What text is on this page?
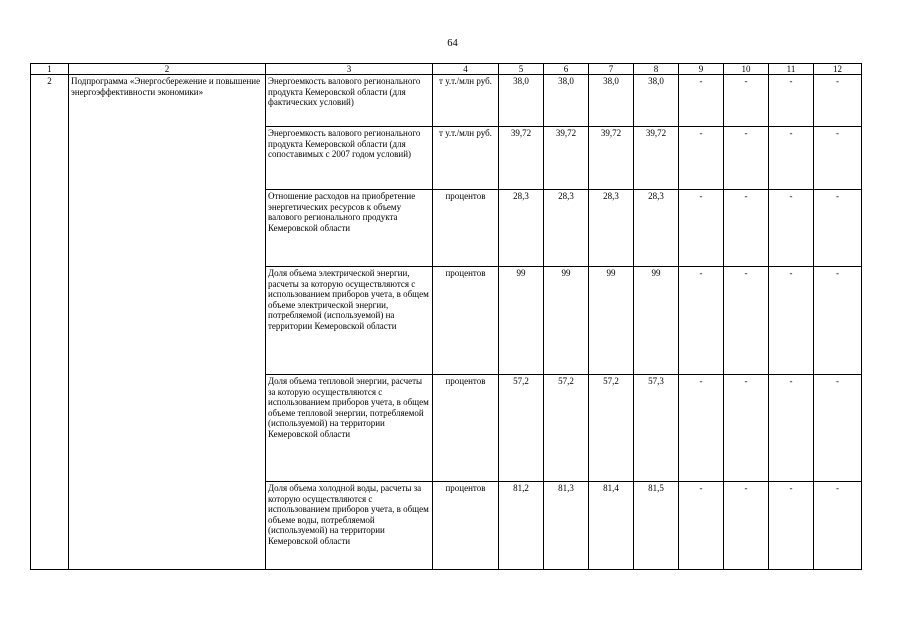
64
1	2	3	4	5	6	7	8	9	10	11	12
2	Подпрограмма «Энергосбережение и повышение энергоэффективности экономики»	Энергоемкость валового регионального продукта Кемеровской области (для фактических условий)	т у.т./млн руб.	38,0	38,0	38,0	38,0	-	-	-	-
		Энергоемкость валового регионального продукта Кемеровской области (для сопоставимых с 2007 годом условий)	т у.т./млн руб.	39,72	39,72	39,72	39,72	-	-	-	-
		Отношение расходов на приобретение энергетических ресурсов к объему валового регионального продукта Кемеровской области	процентов	28,3	28,3	28,3	28,3	-	-	-	-
		Доля объема электрической энергии, расчеты за которую осуществляются с использованием приборов учета, в общем объеме электрической энергии, потребляемой (используемой) на территории Кемеровской области	процентов	99	99	99	99	-	-	-	-
		Доля объема тепловой энергии, расчеты за которую осуществляются с использованием приборов учета, в общем объеме тепловой энергии, потребляемой (используемой) на территории Кемеровской области	процентов	57,2	57,2	57,2	57,3	-	-	-	-
		Доля объема холодной воды, расчеты за которую осуществляются с использованием приборов учета, в общем объеме воды, потребляемой (используемой) на территории Кемеровской области	процентов	81,2	81,3	81,4	81,5	-	-	-	-
